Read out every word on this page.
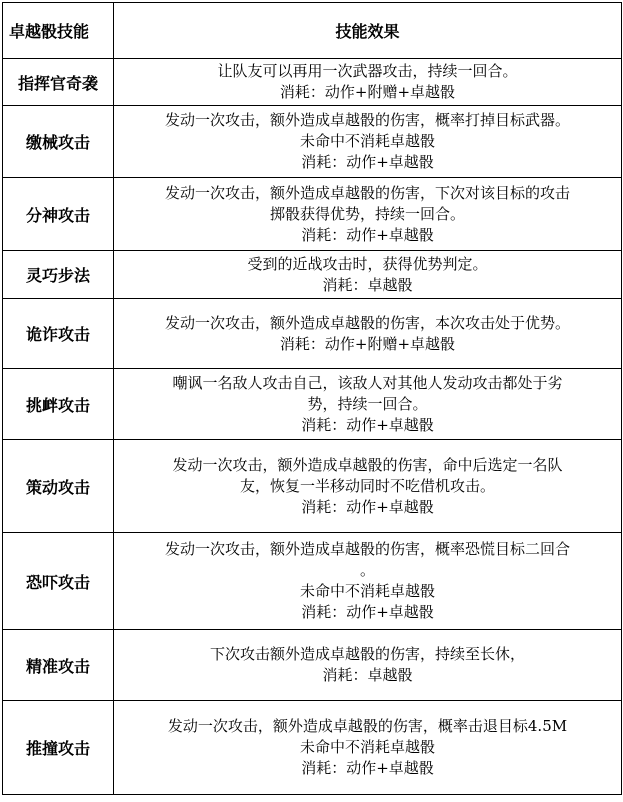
卓越骰技能	技能效果
指挥官奇袭	让队友可以再用一次武器攻击，持续一回合。
消耗：动作+附赠+卓越骰

缴械攻击	发动一次攻击，额外造成卓越骰的伤害，概率打掉目标武器。
未命中不消耗卓越骰
消耗：动作+卓越骰

分神攻击	发动一次攻击，额外造成卓越骰的伤害，下次对该目标的攻击
掷骰获得优势，持续一回合。
消耗：动作+卓越骰

灵巧步法	受到的近战攻击时，获得优势判定。
消耗：卓越骰

诡诈攻击	发动一次攻击，额外造成卓越骰的伤害，本次攻击处于优势。
消耗：动作+附赠+卓越骰

挑衅攻击	嘲讽一名敌人攻击自己，该敌人对其他人发动攻击都处于劣
势，持续一回合。
消耗：动作+卓越骰

策动攻击	发动一次攻击，额外造成卓越骰的伤害，命中后选定一名队
友，恢复一半移动同时不吃借机攻击。
消耗：动作+卓越骰

恐吓攻击	发动一次攻击，额外造成卓越骰的伤害，概率恐慌目标二回合
。
未命中不消耗卓越骰
消耗：动作+卓越骰

精准攻击	下次攻击额外造成卓越骰的伤害，持续至长休，
消耗：卓越骰

推撞攻击	发动一次攻击，额外造成卓越骰的伤害，概率击退目标4.5M
未命中不消耗卓越骰
消耗：动作+卓越骰
